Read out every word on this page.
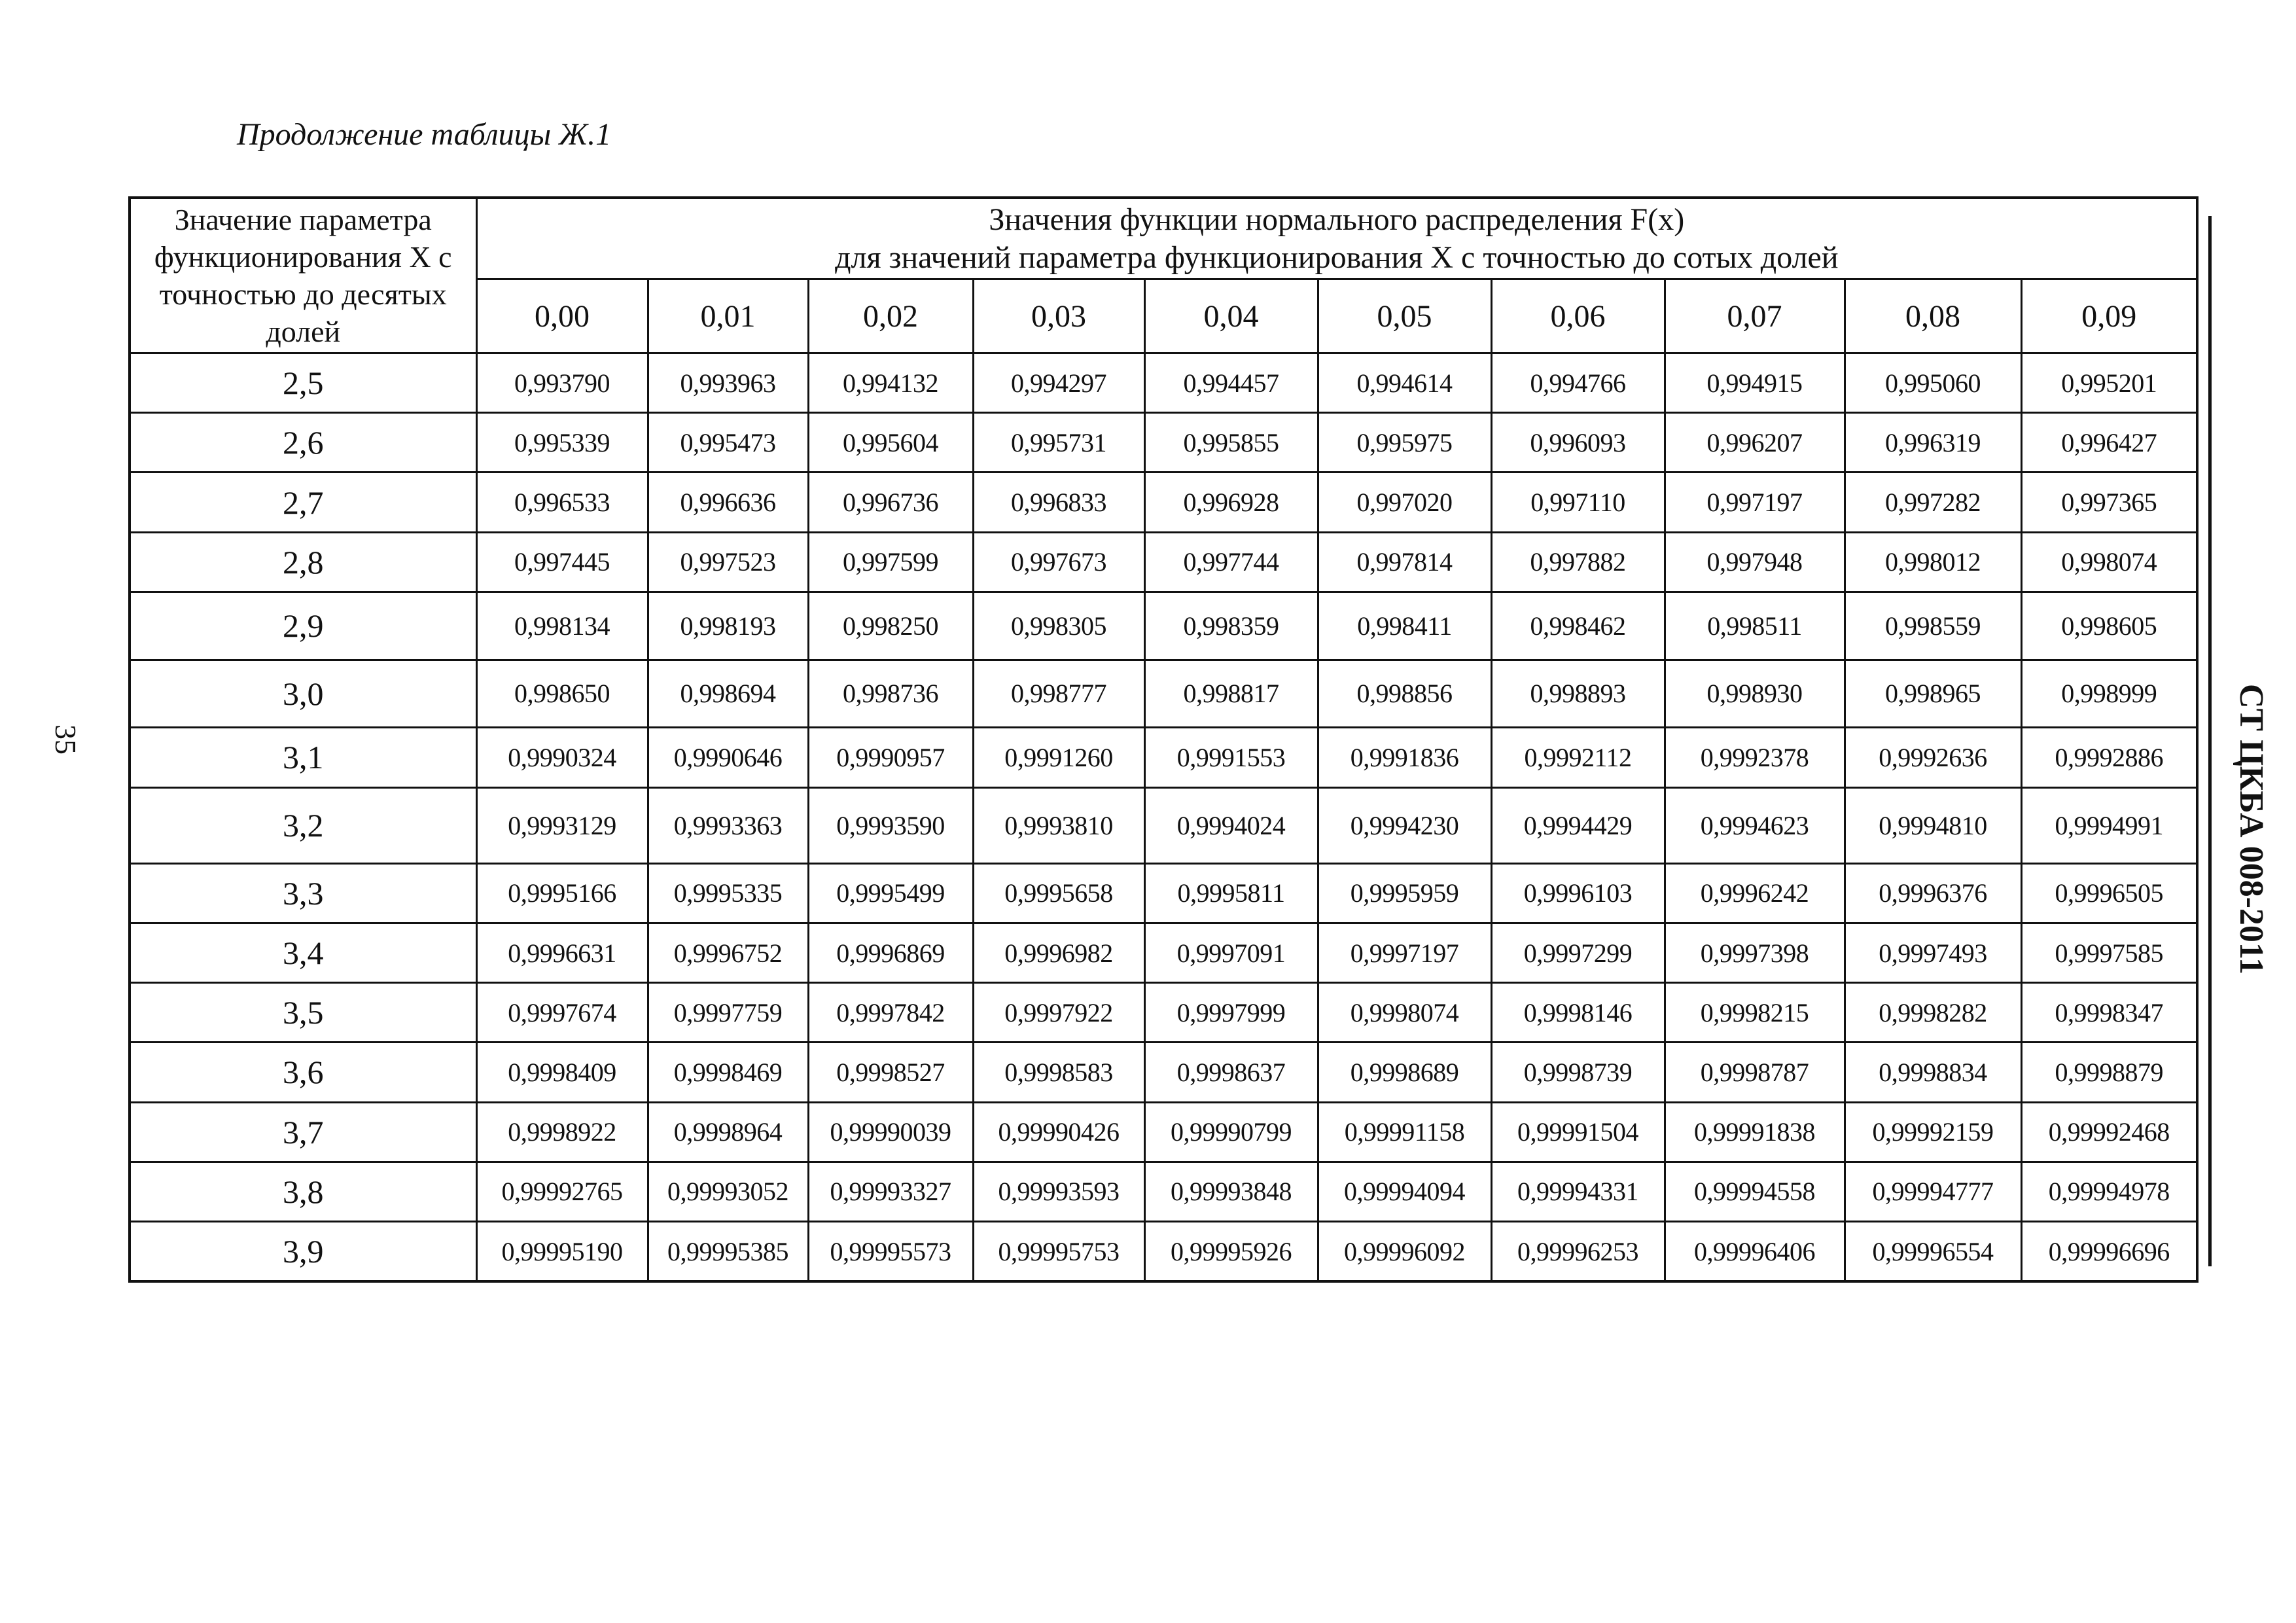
Продолжение таблицы Ж.1
35	СТ ЦКБА 008-2011
Значение параметра функционирования X с точностью до десятых долей	Значения функции нормального распределения F(x)
для значений параметра функционирования X с точностью до сотых долей									

	0,00	0,01	0,02	0,03	0,04	0,05	0,06	0,07	0,08	0,09
2,5	0,993790	0,993963	0,994132	0,994297	0,994457	0,994614	0,994766	0,994915	0,995060	0,995201
2,6	0,995339	0,995473	0,995604	0,995731	0,995855	0,995975	0,996093	0,996207	0,996319	0,996427
2,7	0,996533	0,996636	0,996736	0,996833	0,996928	0,997020	0,997110	0,997197	0,997282	0,997365
2,8	0,997445	0,997523	0,997599	0,997673	0,997744	0,997814	0,997882	0,997948	0,998012	0,998074
2,9	0,998134	0,998193	0,998250	0,998305	0,998359	0,998411	0,998462	0,998511	0,998559	0,998605
3,0	0,998650	0,998694	0,998736	0,998777	0,998817	0,998856	0,998893	0,998930	0,998965	0,998999
3,1	0,9990324	0,9990646	0,9990957	0,9991260	0,9991553	0,9991836	0,9992112	0,9992378	0,9992636	0,9992886
3,2	0,9993129	0,9993363	0,9993590	0,9993810	0,9994024	0,9994230	0,9994429	0,9994623	0,9994810	0,9994991
3,3	0,9995166	0,9995335	0,9995499	0,9995658	0,9995811	0,9995959	0,9996103	0,9996242	0,9996376	0,9996505
3,4	0,9996631	0,9996752	0,9996869	0,9996982	0,9997091	0,9997197	0,9997299	0,9997398	0,9997493	0,9997585
3,5	0,9997674	0,9997759	0,9997842	0,9997922	0,9997999	0,9998074	0,9998146	0,9998215	0,9998282	0,9998347
3,6	0,9998409	0,9998469	0,9998527	0,9998583	0,9998637	0,9998689	0,9998739	0,9998787	0,9998834	0,9998879
3,7	0,9998922	0,9998964	0,99990039	0,99990426	0,99990799	0,99991158	0,99991504	0,99991838	0,99992159	0,99992468
3,8	0,99992765	0,99993052	0,99993327	0,99993593	0,99993848	0,99994094	0,99994331	0,99994558	0,99994777	0,99994978
3,9	0,99995190	0,99995385	0,99995573	0,99995753	0,99995926	0,99996092	0,99996253	0,99996406	0,99996554	0,99996696
